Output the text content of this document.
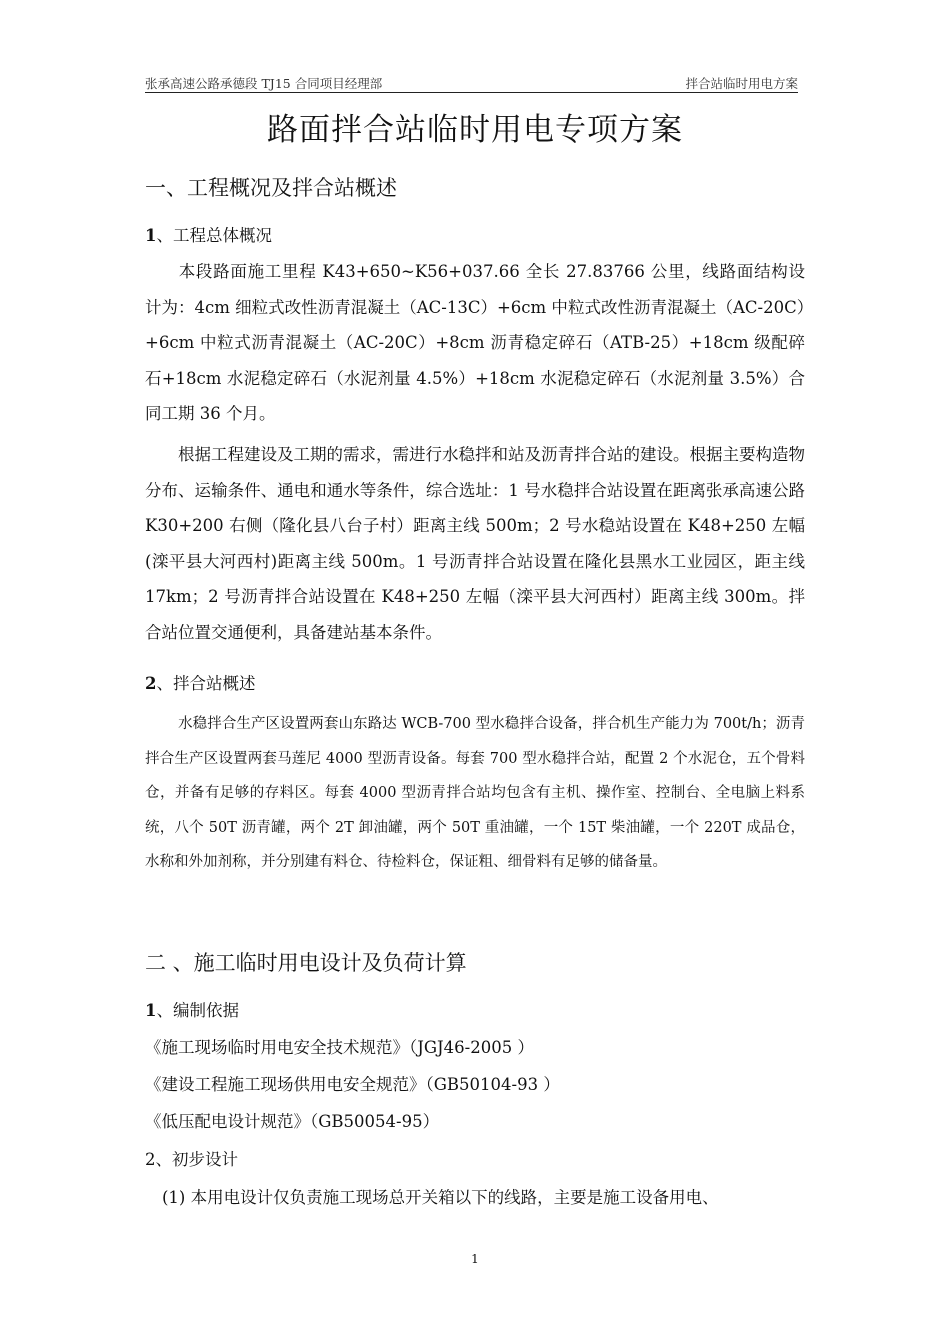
张承高速公路承德段 TJ15 合同项目经理部	拌合站临时用电方案
路面拌合站临时用电专项方案
一、工程概况及拌合站概述
1、工程总体概况
本段路面施工里程 K43+650~K56+037.66 全长 27.83766 公里，线路面结构设计为：4cm 细粒式改性沥青混凝土（AC-13C）+6cm 中粒式改性沥青混凝土（AC-20C）+6cm 中粒式沥青混凝土（AC-20C）+8cm 沥青稳定碎石（ATB-25）+18cm 级配碎石+18cm 水泥稳定碎石（水泥剂量 4.5%）+18cm 水泥稳定碎石（水泥剂量 3.5%）合同工期 36 个月。
根据工程建设及工期的需求，需进行水稳拌和站及沥青拌合站的建设。根据主要构造物分布、运输条件、通电和通水等条件，综合选址：1 号水稳拌合站设置在距离张承高速公路 K30+200 右侧（隆化县八台子村）距离主线 500m；2 号水稳站设置在 K48+250 左幅(滦平县大河西村)距离主线 500m。1 号沥青拌合站设置在隆化县黑水工业园区，距主线 17km；2 号沥青拌合站设置在 K48+250 左幅（滦平县大河西村）距离主线 300m。拌合站位置交通便利，具备建站基本条件。
2、拌合站概述
水稳拌合生产区设置两套山东路达 WCB-700 型水稳拌合设备，拌合机生产能力为 700t/h；沥青拌合生产区设置两套马莲尼 4000 型沥青设备。每套 700 型水稳拌合站，配置 2 个水泥仓，五个骨料仓，并备有足够的存料区。每套 4000 型沥青拌合站均包含有主机、操作室、控制台、全电脑上料系统，八个 50T 沥青罐，两个 2T 卸油罐，两个 50T 重油罐，一个 15T 柴油罐，一个 220T 成品仓，水称和外加剂称，并分别建有料仓、待检料仓，保证粗、细骨料有足够的储备量。
二 、施工临时用电设计及负荷计算
1、编制依据
《施工现场临时用电安全技术规范》（JGJ46-2005 ）
《建设工程施工现场供用电安全规范》（GB50104-93 ）
《低压配电设计规范》（GB50054-95）
2、初步设计
(1) 本用电设计仅负责施工现场总开关箱以下的线路，主要是施工设备用电、
1
